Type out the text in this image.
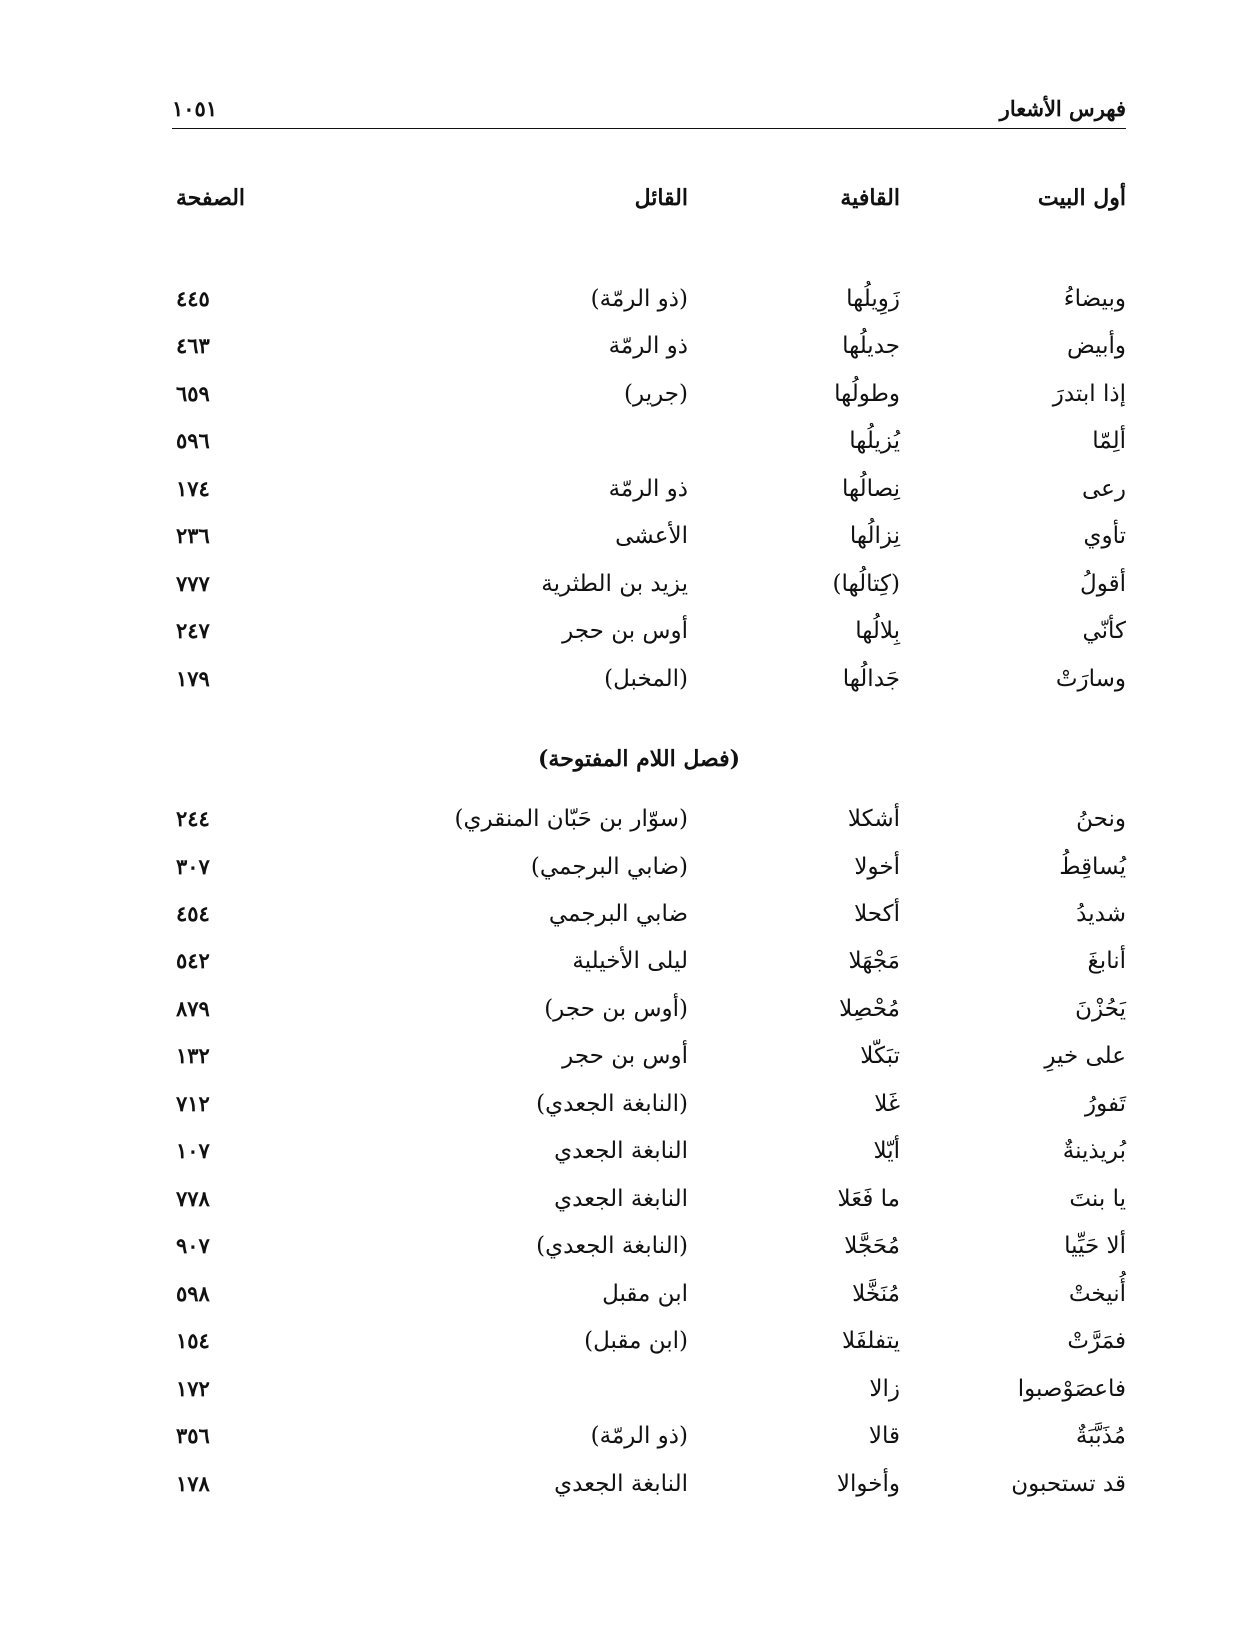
فهرس الأشعار
١٠٥١
أول البيت
القافية
القائل
الصفحة
وبيضاءُ
زَوِيلُها
(ذو الرمّة)
٤٤٥
وأبيض
جديلُها
ذو الرمّة
٤٦٣
إذا ابتدرَ
وطولُها
(جرير)
٦٥٩
ألِمّا
يُزيلُها
٥٩٦
رعى
نِصالُها
ذو الرمّة
١٧٤
تأوي
نِزالُها
الأعشى
٢٣٦
أقولُ
(كِتالُها)
يزيد بن الطثرية
٧٧٧
كأنّي
بِلالُها
أوس بن حجر
٢٤٧
وسارَتْ
جَدالُها
(المخبل)
١٧٩
(فصل اللام المفتوحة)
ونحنُ
أشكلا
(سوّار بن حَبّان المنقري)
٢٤٤
يُساقِطُ
أخولا
(ضابي البرجمي)
٣٠٧
شديدُ
أكحلا
ضابي البرجمي
٤٥٤
أنابغَ
مَجْهَلا
ليلى الأخيلية
٥٤٢
يَحُزْنَ
مُحْصِلا
(أوس بن حجر)
٨٧٩
على خيرِ
تبَكّلا
أوس بن حجر
١٣٢
تَفورُ
غَلا
(النابغة الجعدي)
٧١٢
بُريذينةٌ
أيّلا
النابغة الجعدي
١٠٧
يا بنتَ
ما فَعَلا
النابغة الجعدي
٧٧٨
ألا حَيِّيا
مُحَجَّلا
(النابغة الجعدي)
٩٠٧
أُنيختْ
مُنَخَّلا
ابن مقبل
٥٩٨
فمَرَّتْ
يتفلفَلا
(ابن مقبل)
١٥٤
فاعصَوْصبوا
زالا
١٧٢
مُذَبَّبَةٌ
قالا
(ذو الرمّة)
٣٥٦
قد تستحبون
وأخوالا
النابغة الجعدي
١٧٨
